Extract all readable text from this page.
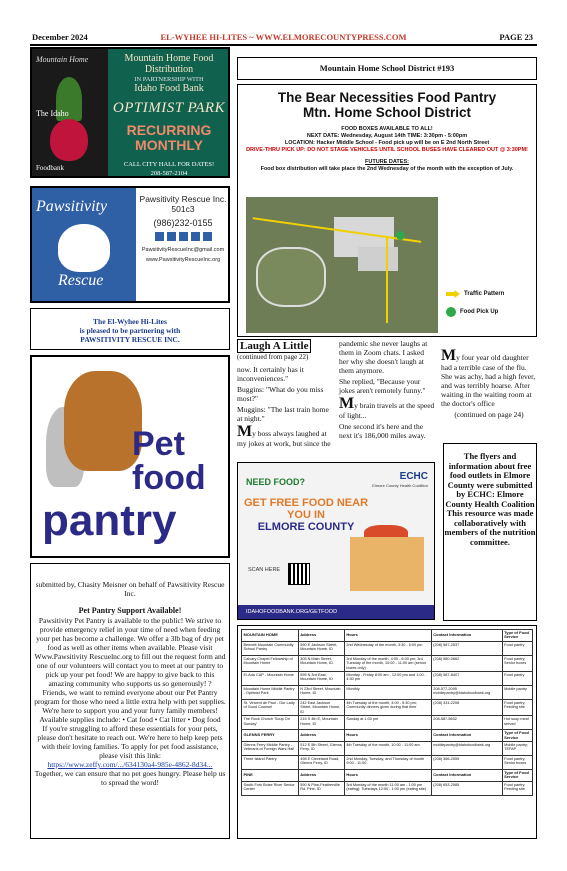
December 2024	EL-WYHEE HI-LITES ~ WWW.ELMORECOUNTYPRESS.COM	PAGE 23
Mountain Home
The Idaho
Foodbank
Mountain Home Food Distribution
IN PARTNERSHIP WITH
Idaho Food Bank
OPTIMIST PARK
RECURRING MONTHLY
CALL CITY HALL FOR DATES!
208-587-2104
Pawsitivity
Rescue
Pawsitivity Rescue Inc. 501c3
(986)232-0155
PawsitivityRescueInc@gmail.com
www.PawsitivityRescueInc.org
The El-Wyhee Hi-Lites
is pleased to be partnering with
PAWSITIVITY RESCUE INC.
Pet
food
pantry

submitted by, Chasity Meisner on behalf of Pawsitivity Rescue Inc.

Pet Pantry Support Available!

Pawsitivity Pet Pantry is available to the public! We strive to provide emergency relief in your time of need when feeding your pet has become a challenge. We offer a 3lb bag of dry pet food as well as other items when available. Please visit Www.Pawsitivity Rescuelnc.org to fill out the request form and one of our volunteers will contact you to meet at our pantry to pick up your pet food! We are happy to give back to this amazing community who supports us so generously! ?

Friends, we want to remind everyone about our Pet Pantry program for those who need a little extra help with pet supplies. We're here to support you and your furry family members!

Available supplies include: • Cat food • Cat litter • Dog food

If you're struggling to afford these essentials for your pets, please don't hesitate to reach out. We're here to help keep pets with their loving families. To apply for pet food assistance, please visit this link:

https://www.zeffy.com/.../634130a4-985e-4862-8d34...

Together, we can ensure that no pet goes hungry. Please help us to spread the word!

Mountain Home School District #193
The Bear Necessities Food Pantry
Mtn. Home School District
FOOD BOXES AVAILABLE TO ALL!
NEXT DATE: Wednesday, August 14th TIME: 3:30pm - 5:00pm
LOCATION: Hacker Middle School - Food pick up will be on E 2nd North Street
DRIVE-THRU PICK UP: DO NOT STAGE VEHICLES UNTIL SCHOOL BUSES HAVE CLEARED OUT @ 3:30PM!
FUTURE DATES:
Food box distribution will take place the 2nd Wednesday of the month with the exception of July.
Traffic Pattern
Food Pick Up
Laugh A Little
(continued from page 22)

now. It certainly has it inconveniences."

Buggins: "What do you miss most?"

Muggins: "The last train home at night."

My boss always laughed at my jokes at work, but since the

pandemic she never laughs at them in Zoom chats. I asked her why she doesn't laugh at them anymore.

She replied, "Because your jokes aren't remotely funny."

My brain travels at the speed of light...

One second it's here and the next it's 186,000 miles away.

My four year old daughter had a terrible case of the flu. She was achy, had a high fever, and was terribly hoarse. After waiting in the waiting room at the doctor's office

(continued on page 24)

NEED FOOD?	ECHC
Elmore County Health Coalition
GET FREE FOOD NEAR YOU IN
ELMORE COUNTY
SCAN HERE
IDAHOFOODBANK.ORG/GETFOOD
The flyers and information about free food outlets in Elmore County were submitted by ECHC: Elmore County Health Coalition This resource was made collaboratively with members of the nutrition committee.
MOUNTAIN HOME	Address	Hours	Contact Information	Type of Food Service
Bennett Mountain Community School Pantry	590 E Jackson Street, Mountain Home, ID	2nd Wednesday of the month, 3:30 - 5:00 pm	(208) 587-2537	Food pantry
Calvary Chapel Fellowship of Mountain Home	305 N Main Street, Mountain Home, ID	3rd Monday of the month, 4:00 - 6:00 pm; 3rd Tuesday of the month, 10:00 - 11:00 am (senior boxes only)	(208) 580-0662	Food pantry; Senior boxes
El-Ada CAP - Mountain Home	595 N 3rd East, Mountain Home, ID	Monday - Friday 8:00 am - 12:00 pm and 1:00 - 4:30 pm	(208) 587-8407	Food pantry
Mountain Home Middle Pantry - Optimist Park	N 23rd Street, Mountain Home, ID	Monthly	208-577-2095 mobilepantry@idahofoodbank.org	Mobile pantry
St. Vincent de Paul - Our Lady of Good Counsel	242 East Jackson Street, Mountain Home, ID	4th Tuesday of the month, 4:00 - 5:30 pm; Community dinners given during that time	(208) 331-2208	Food pantry; Feeding site
The Rock Church 'Soup On Sunday'	215 S 4th E, Mountain Home, ID	Sunday at 1:00 pm	208-587-5632	Hot soup meal served
GLENNS FERRY	Address	Hours	Contact Information	Type of Food Service
Glenns Ferry Middle Pantry - Veterans of Foreign Wars Hall	512 E 5th Street, Glenns Ferry, ID	4th Tuesday of the month, 10:00 - 11:00 am	mobilepantry@idahofoodbank.org	Mobile pantry; TEFAP
Three Island Pantry	498 E Cleveland Road, Glenns Ferry, ID	2nd Monday, Tuesday, and Thursday of month 9:00 - 11:00	(208) 366-2059	Food pantry; Senior boxes
PINE	Address	Hours	Contact Information	Type of Food Service
South Fork Boise River Senior Center	590 N Pine-Featherville Rd, Pine, ID	3rd Monday of the month 11:00 am - 1:00 pm (eating); Tuesdays 12:00 - 1:00 pm (eating site)	(208) 653-2585	Food pantry; Feeding site
